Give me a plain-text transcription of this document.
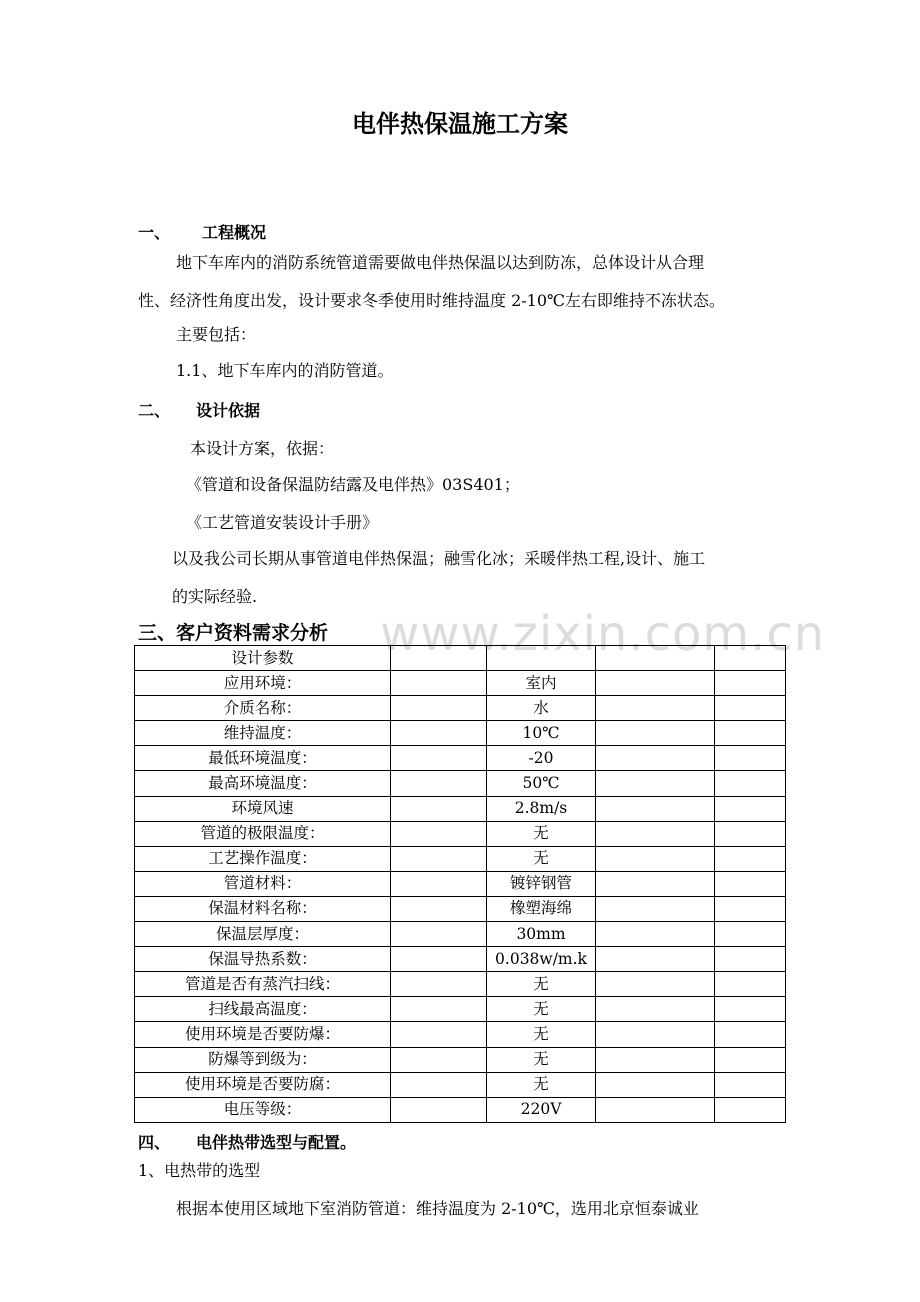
电伴热保温施工方案
一、 工程概况
地下车库内的消防系统管道需要做电伴热保温以达到防冻，总体设计从合理
性、经济性角度出发，设计要求冬季使用时维持温度 2-10℃左右即维持不冻状态。
主要包括：
1.1、地下车库内的消防管道。
二、 设计依据
本设计方案，依据：
《管道和设备保温防结露及电伴热》03S401；
《工艺管道安装设计手册》
以及我公司长期从事管道电伴热保温；融雪化冰；采暖伴热工程,设计、施工
的实际经验.
www.zixin.com.cn
三、客户资料需求分析
设计参数				
应用环境：		室内		
介质名称：		水		
维持温度：		10℃		
最低环境温度：		-20		
最高环境温度：		50℃		
环境风速		2.8m/s		
管道的极限温度：		无		
工艺操作温度：		无		
管道材料：		镀锌钢管		
保温材料名称：		橡塑海绵		
保温层厚度：		30mm		
保温导热系数：		0.038w/m.k		
管道是否有蒸汽扫线：		无		
扫线最高温度：		无		
使用环境是否要防爆：		无		
防爆等到级为：		无		
使用环境是否要防腐：		无		
电压等级：		220V		
四、 电伴热带选型与配置。
1、电热带的选型
根据本使用区域地下室消防管道：维持温度为 2-10℃，选用北京恒泰诚业
